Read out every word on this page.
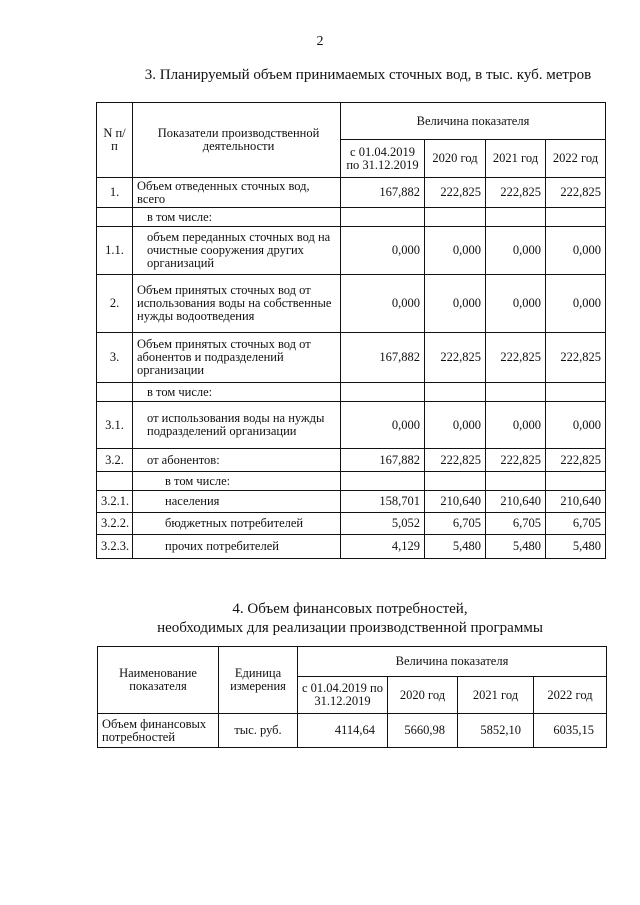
2
3. Планируемый объем принимаемых сточных вод, в тыс. куб. метров
N п/п	Показатели производственной деятельности	Величина показателя			
		с 01.04.2019 по 31.12.2019	2020 год	2021 год	2022 год
1.	Объем отведенных сточных вод, всего	167,882	222,825	222,825	222,825
	в том числе:				
1.1.	объем переданных сточных вод на очистные сооружения других организаций	0,000	0,000	0,000	0,000
2.	Объем принятых сточных вод от использования воды на собственные нужды водоотведения	0,000	0,000	0,000	0,000
3.	Объем принятых сточных вод от абонентов и подразделений организации	167,882	222,825	222,825	222,825
	в том числе:				
3.1.	от использования воды на нужды подразделений организации	0,000	0,000	0,000	0,000
3.2.	от абонентов:	167,882	222,825	222,825	222,825
	в том числе:				
3.2.1.	населения	158,701	210,640	210,640	210,640
3.2.2.	бюджетных потребителей	5,052	6,705	6,705	6,705
3.2.3.	прочих потребителей	4,129	5,480	5,480	5,480
4. Объем финансовых потребностей,
необходимых для реализации производственной программы
Наименование показателя	Единица измерения	Величина показателя			
		с 01.04.2019 по 31.12.2019	2020 год	2021 год	2022 год
Объем финансовых потребностей	тыс. руб.	4114,64	5660,98	5852,10	6035,15
